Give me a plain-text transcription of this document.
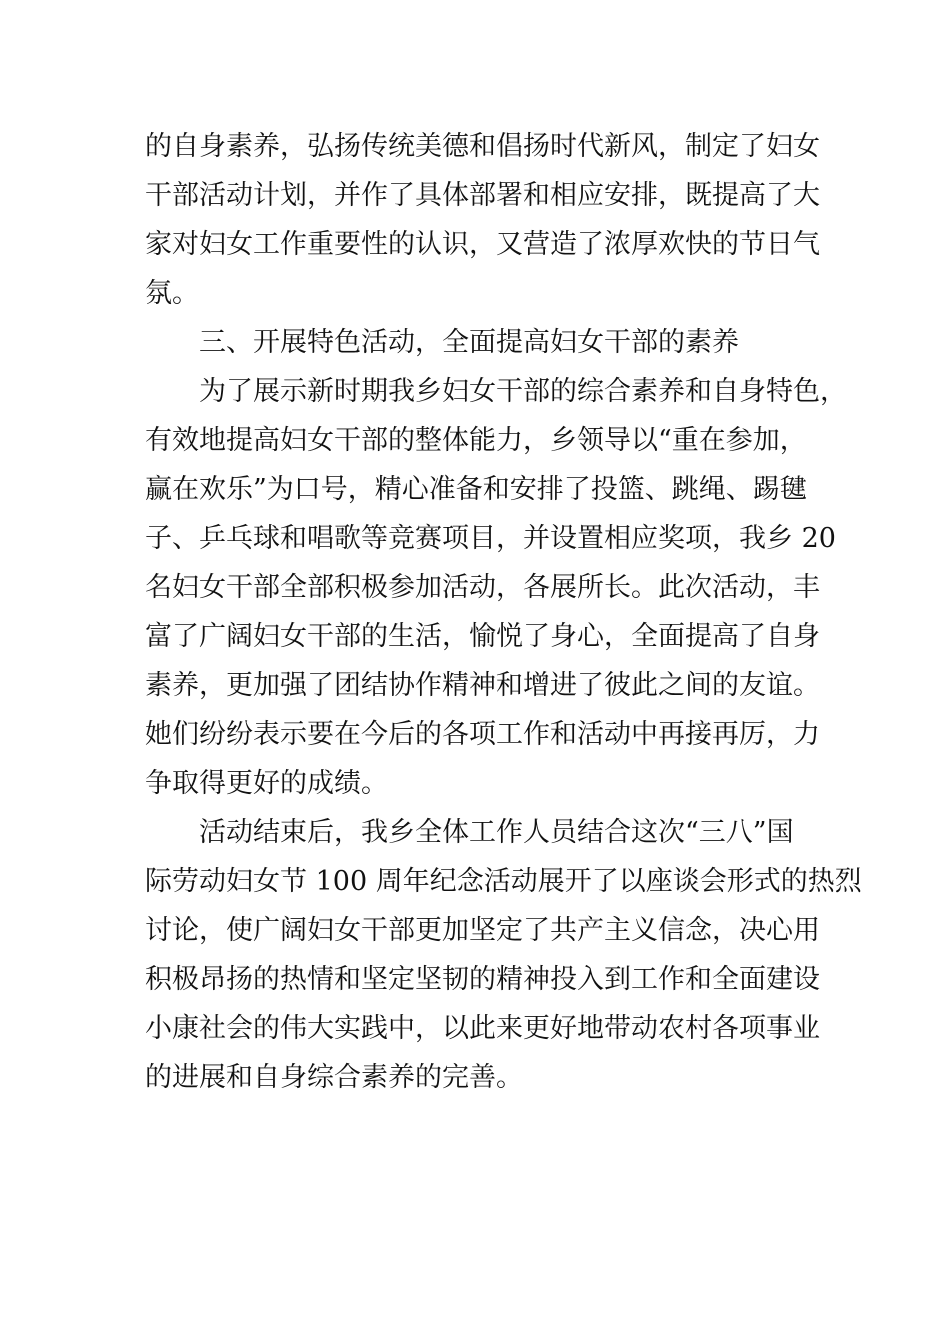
的自身素养，弘扬传统美德和倡扬时代新风，制定了妇女
干部活动计划，并作了具体部署和相应安排，既提高了大
家对妇女工作重要性的认识，又营造了浓厚欢快的节日气
氛。
三、开展特色活动，全面提高妇女干部的素养
为了展示新时期我乡妇女干部的综合素养和自身特色，
有效地提高妇女干部的整体能力，乡领导以“重在参加，
赢在欢乐”为口号，精心准备和安排了投篮、跳绳、踢毽
子、乒乓球和唱歌等竞赛项目，并设置相应奖项，我乡 20
名妇女干部全部积极参加活动，各展所长。此次活动，丰
富了广阔妇女干部的生活，愉悦了身心，全面提高了自身
素养，更加强了团结协作精神和增进了彼此之间的友谊。
她们纷纷表示要在今后的各项工作和活动中再接再厉，力
争取得更好的成绩。
活动结束后，我乡全体工作人员结合这次“三八”国
际劳动妇女节 100 周年纪念活动展开了以座谈会形式的热烈
讨论，使广阔妇女干部更加坚定了共产主义信念，决心用
积极昂扬的热情和坚定坚韧的精神投入到工作和全面建设
小康社会的伟大实践中，以此来更好地带动农村各项事业
的进展和自身综合素养的完善。
